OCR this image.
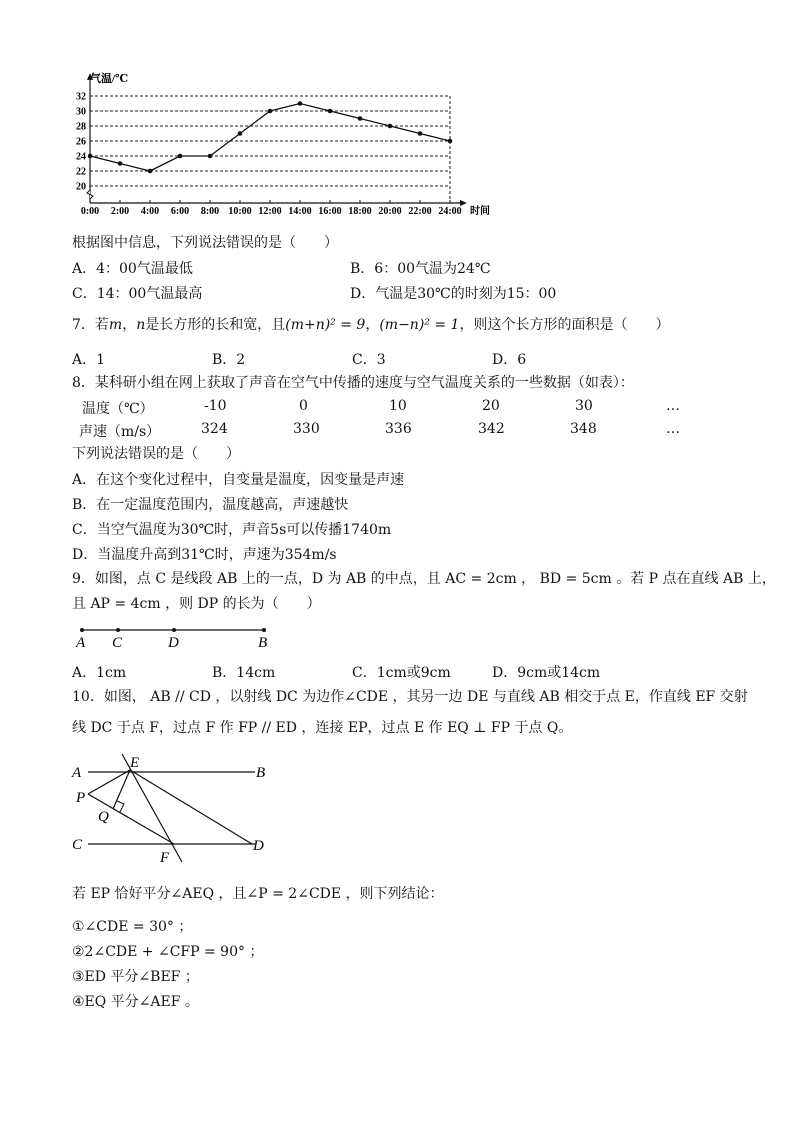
20
22
24
26
28
30
32
0:00 2:00 4:00 6:00 8:00 10:00 12:00 14:00 16:00 18:00 20:00 22:00 24:00
气温/℃
时间
根据图中信息，下列说法错误的是（　　）
A．4：00气温最低	B．6：00气温为24℃
C．14：00气温最高	D．气温是30℃的时刻为15：00
7．若m，n是长方形的长和宽，且(m+n)² = 9，(m−n)² = 1，则这个长方形的面积是（　　）
A．1	B．2	C．3	D．6
8．某科研小组在网上获取了声音在空气中传播的速度与空气温度关系的一些数据（如表）：
温度（℃）	-10	0	10	20	30	…
声速（m/s）	324	330	336	342	348	…
下列说法错误的是（　　）
A．在这个变化过程中，自变量是温度，因变量是声速
B．在一定温度范围内，温度越高，声速越快
C．当空气温度为30℃时，声音5s可以传播1740m
D．当温度升高到31℃时，声速为354m/s
9．如图，点 C 是线段 AB 上的一点，D 为 AB 的中点，且 AC = 2cm ， BD = 5cm 。若 P 点在直线 AB 上，
且 AP = 4cm ，则 DP 的长为（　　）
A C	D	B
A．1cm	B．14cm	C．1cm或9cm	D．9cm或14cm
10．如图， AB // CD ，以射线 DC 为边作∠CDE ，其另一边 DE 与直线 AB 相交于点 E，作直线 EF 交射
线 DC 于点 F，过点 F 作 FP // ED ，连接 EP，过点 E 作 EQ ⊥ FP 于点 Q。
A
E
B
P
Q
C
F
D
若 EP 恰好平分∠AEQ ，且∠P = 2∠CDE ，则下列结论：
①∠CDE = 30° ；
②2∠CDE + ∠CFP = 90° ；
③ED 平分∠BEF ；
④EQ 平分∠AEF 。
